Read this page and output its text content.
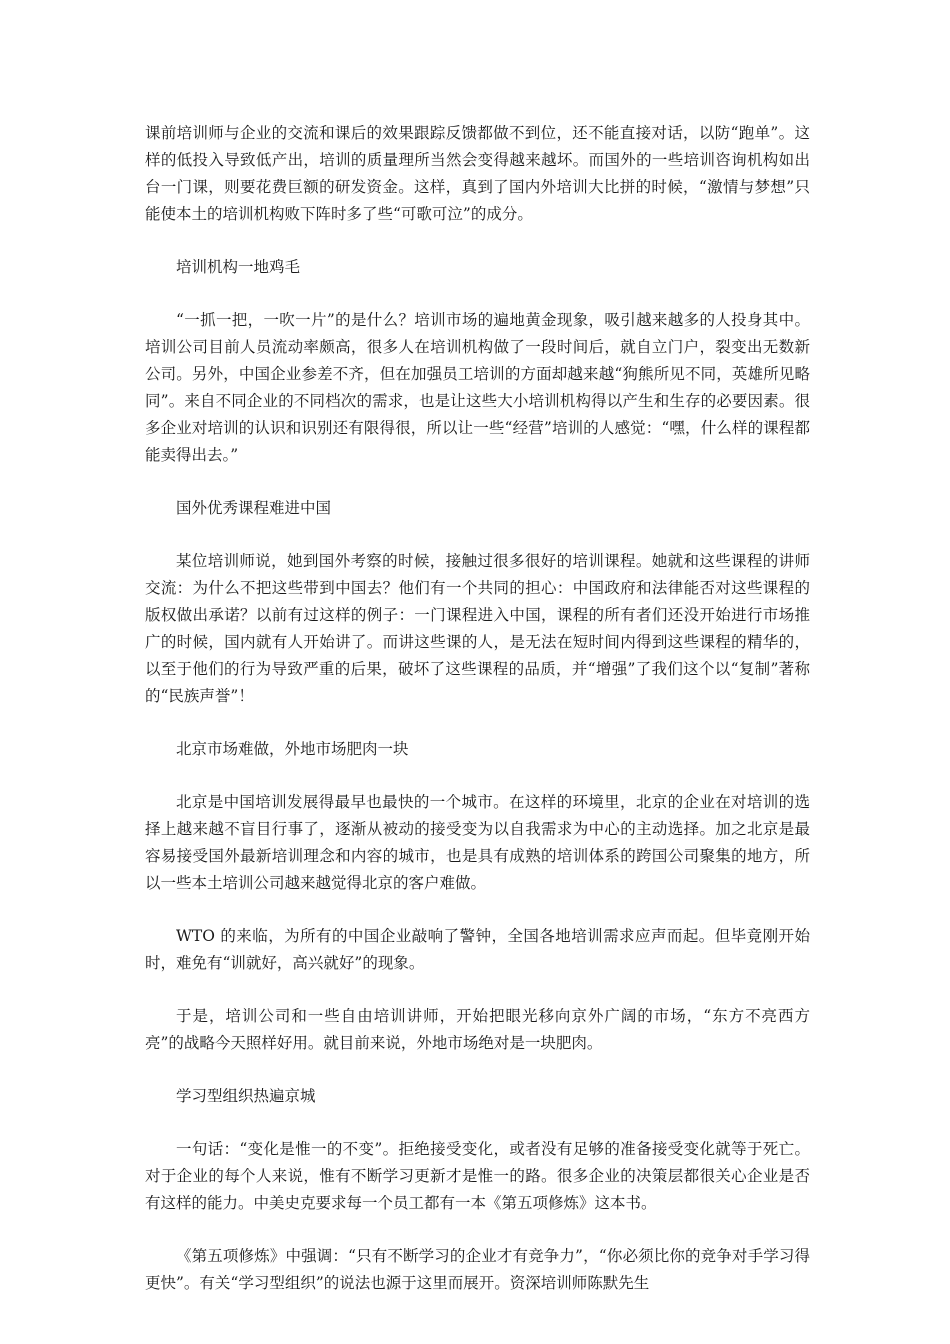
课前培训师与企业的交流和课后的效果跟踪反馈都做不到位，还不能直接对话，以防“跑单”。这样的低投入导致低产出，培训的质量理所当然会变得越来越坏。而国外的一些培训咨询机构如出台一门课，则要花费巨额的研发资金。这样，真到了国内外培训大比拼的时候，“激情与梦想”只能使本土的培训机构败下阵时多了些“可歌可泣”的成分。

培训机构一地鸡毛

“一抓一把，一吹一片”的是什么？培训市场的遍地黄金现象，吸引越来越多的人投身其中。培训公司目前人员流动率颇高，很多人在培训机构做了一段时间后，就自立门户，裂变出无数新公司。另外，中国企业参差不齐，但在加强员工培训的方面却越来越“狗熊所见不同，英雄所见略同”。来自不同企业的不同档次的需求，也是让这些大小培训机构得以产生和生存的必要因素。很多企业对培训的认识和识别还有限得很，所以让一些“经营”培训的人感觉：“嘿，什么样的课程都能卖得出去。”

国外优秀课程难进中国

某位培训师说，她到国外考察的时候，接触过很多很好的培训课程。她就和这些课程的讲师交流：为什么不把这些带到中国去？他们有一个共同的担心：中国政府和法律能否对这些课程的版权做出承诺？以前有过这样的例子：一门课程进入中国，课程的所有者们还没开始进行市场推广的时候，国内就有人开始讲了。而讲这些课的人，是无法在短时间内得到这些课程的精华的，以至于他们的行为导致严重的后果，破坏了这些课程的品质，并“增强”了我们这个以“复制”著称的“民族声誉”！

北京市场难做，外地市场肥肉一块

北京是中国培训发展得最早也最快的一个城市。在这样的环境里，北京的企业在对培训的选择上越来越不盲目行事了，逐渐从被动的接受变为以自我需求为中心的主动选择。加之北京是最容易接受国外最新培训理念和内容的城市，也是具有成熟的培训体系的跨国公司聚集的地方，所以一些本土培训公司越来越觉得北京的客户难做。

WTO 的来临，为所有的中国企业敲响了警钟，全国各地培训需求应声而起。但毕竟刚开始时，难免有“训就好，高兴就好”的现象。

于是，培训公司和一些自由培训讲师，开始把眼光移向京外广阔的市场，“东方不亮西方亮”的战略今天照样好用。就目前来说，外地市场绝对是一块肥肉。

学习型组织热遍京城

一句话：“变化是惟一的不变”。拒绝接受变化，或者没有足够的准备接受变化就等于死亡。对于企业的每个人来说，惟有不断学习更新才是惟一的路。很多企业的决策层都很关心企业是否有这样的能力。中美史克要求每一个员工都有一本《第五项修炼》这本书。

《第五项修炼》中强调：“只有不断学习的企业才有竞争力”，“你必须比你的竞争对手学习得更快”。有关“学习型组织”的说法也源于这里而展开。资深培训师陈默先生
